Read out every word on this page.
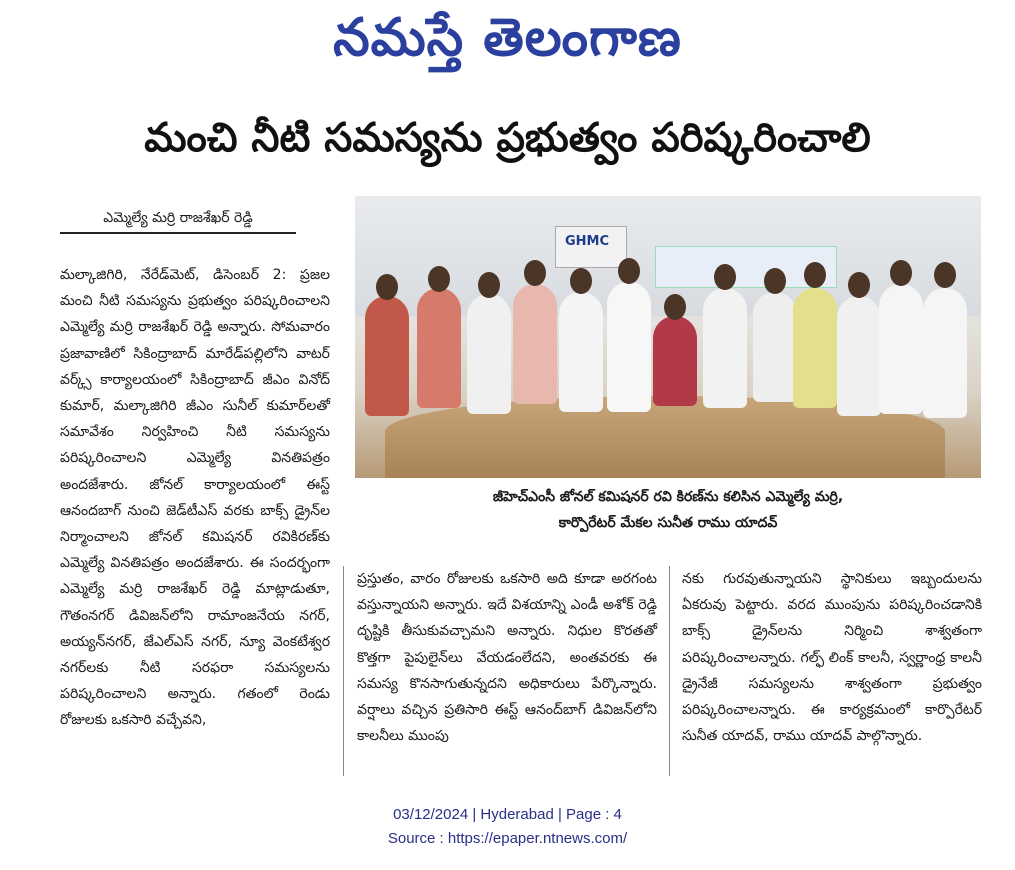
నమస్తే తెలంగాణ
మంచి నీటి సమస్యను ప్రభుత్వం పరిష్కరించాలి
ఎమ్మెల్యే మర్రి రాజశేఖర్ రెడ్డి
GHMC
జీహెచ్ఎంసీ జోనల్ కమిషనర్ రవి కిరణ్‌ను కలిసిన ఎమ్మెల్యే మర్రి,
కార్పొరేటర్ మేకల సునీత రాము యాదవ్

మల్కాజిగిరి, నేరేడ్‌మెట్, డిసెంబర్ 2: ప్రజల మంచి నీటి సమస్యను ప్రభుత్వం పరిష్కరించాలని ఎమ్మెల్యే మర్రి రాజశేఖర్ రెడ్డి అన్నారు. సోమవారం ప్రజావాణిలో సికింద్రాబాద్ మారేడ్‌పల్లిలోని వాటర్ వర్క్స్ కార్యాలయంలో సికింద్రాబాద్ జీఎం వినోద్ కుమార్, మల్కాజిగిరి జీఎం సునీల్ కుమార్‌లతో సమావేశం నిర్వహించి నీటి సమస్యను పరిష్కరించాలని ఎమ్మెల్యే వినతిపత్రం అందజేశారు. జోనల్ కార్యాలయంలో ఈస్ట్ ఆనందబాగ్ నుంచి జెడ్‌టీఎస్ వరకు బాక్స్ డ్రైన్‌ల నిర్మాంచాలని జోనల్ కమిషనర్ రవికిరణ్‌కు ఎమ్మెల్యే వినతిపత్రం అందజేశారు. ఈ సందర్భంగా ఎమ్మెల్యే మర్రి రాజశేఖర్ రెడ్డి మాట్లాడుతూ, గౌతంనగర్ డివిజన్‌లోని రామాంజనేయ నగర్, అయ్యన్‌నగర్, జేఎల్ఎస్ నగర్, న్యూ వెంకటేశ్వర నగర్‌లకు నీటి సరఫరా సమస్యలను పరిష్కరించాలని అన్నారు. గతంలో రెండు రోజులకు ఒకసారి వచ్చేవని,

ప్రస్తుతం, వారం రోజులకు ఒకసారి అది కూడా అరగంట వస్తున్నాయని అన్నారు. ఇదే విశయాన్ని ఎండీ అశోక్ రెడ్డి దృష్టికి తీసుకువచ్చామని అన్నారు. నిధుల కొరతతో కొత్తగా పైపులైన్‌లు వేయడంలేదని, అంతవరకు ఈ సమస్య కొనసాగుతున్నదని అధికారులు పేర్కొన్నారు. వర్షాలు వచ్చిన ప్రతిసారి ఈస్ట్ ఆనంద్‌బాగ్ డివిజన్‌లోని కాలనీలు ముంపు

నకు గురవుతున్నాయని స్థానికులు ఇబ్బందులను ఏకరువు పెట్టారు. వరద ముంపును పరిష్కరించడానికి బాక్స్ డ్రైన్‌లను నిర్మించి శాశ్వతంగా పరిష్కరించాలన్నారు. గల్ఫ్ లింక్ కాలనీ, స్వర్ణాంధ్ర కాలనీ డ్రైనేజీ సమస్యలను శాశ్వతంగా ప్రభుత్వం పరిష్కరించాలన్నారు. ఈ కార్యక్రమంలో కార్పొరేటర్ సునీత యాదవ్, రాము యాదవ్ పాల్గొన్నారు.

03/12/2024 | Hyderabad | Page : 4
Source : https://epaper.ntnews.com/
